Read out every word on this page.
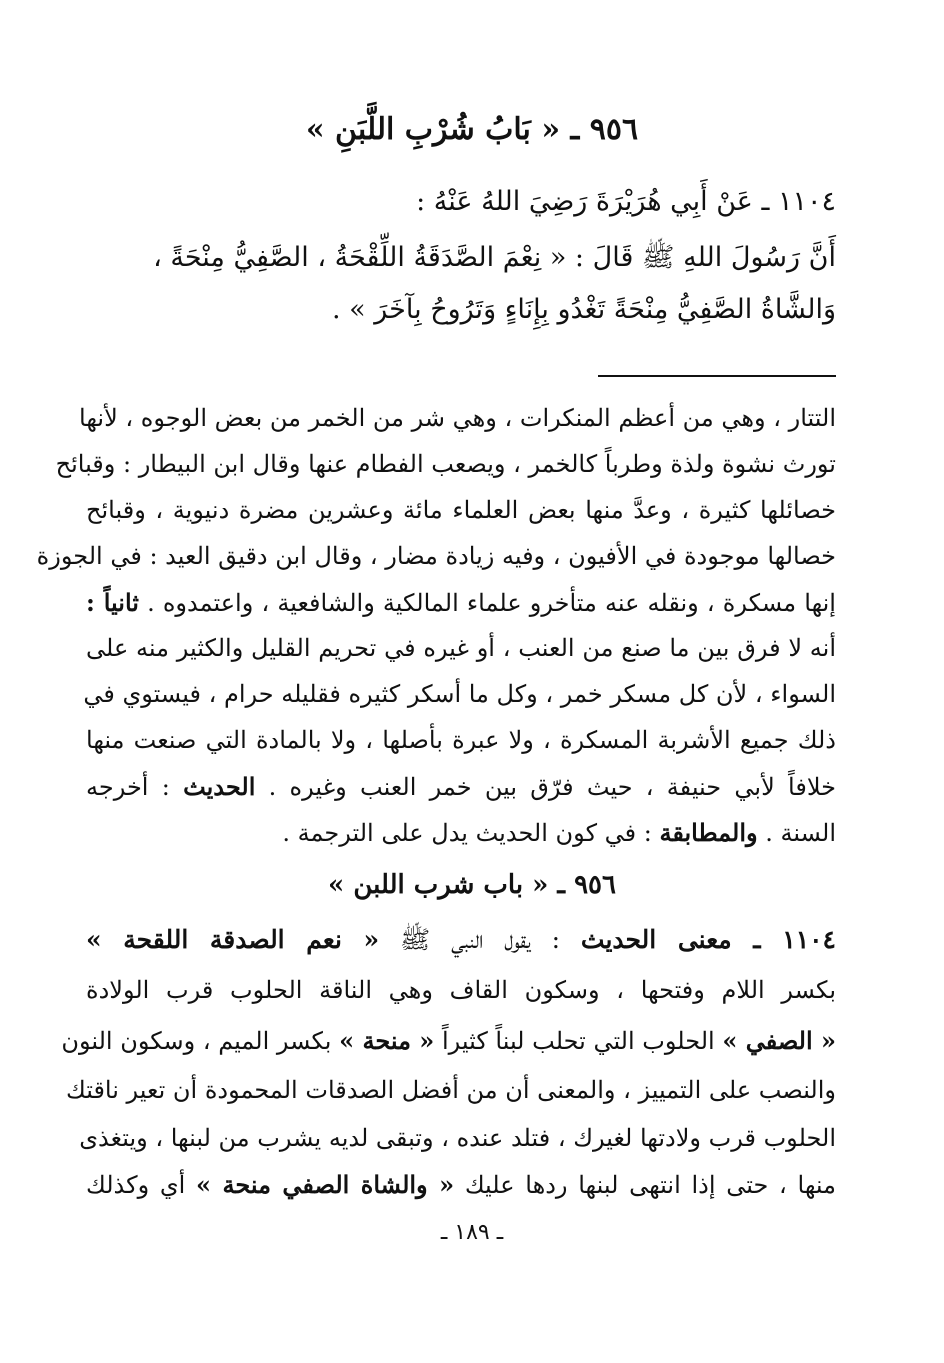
٩٥٦ ـ « بَابُ شُرْبِ اللَّبَنِ »
١١٠٤ ـ عَنْ أَبِي هُرَيْرَةَ رَضِيَ اللهُ عَنْهُ :
أَنَّ رَسُولَ اللهِ ﷺ قَالَ : « نِعْمَ الصَّدَقَةُ اللِّقْحَةُ ، الصَّفِيُّ مِنْحَةً ،
وَالشَّاةُ الصَّفِيُّ مِنْحَةً تَغْدُو بِإِنَاءٍ وَتَرُوحُ بِآخَرَ » .
التتار ، وهي من أعظم المنكرات ، وهي شر من الخمر من بعض الوجوه ، لأنها
تورث نشوة ولذة وطرباً كالخمر ، ويصعب الفطام عنها وقال ابن البيطار : وقبائح
خصائلها كثيرة ، وعدَّ منها بعض العلماء مائة وعشرين مضرة دنيوية ، وقبائح
خصالها موجودة في الأفيون ، وفيه زيادة مضار ، وقال ابن دقيق العيد : في الجوزة
إنها مسكرة ، ونقله عنه متأخرو علماء المالكية والشافعية ، واعتمدوه . ثانياً :
أنه لا فرق بين ما صنع من العنب ، أو غيره في تحريم القليل والكثير منه على
السواء ، لأن كل مسكر خمر ، وكل ما أسكر كثيره فقليله حرام ، فيستوي في
ذلك جميع الأشربة المسكرة ، ولا عبرة بأصلها ، ولا بالمادة التي صنعت منها
خلافاً لأبي حنيفة ، حيث فرّق بين خمر العنب وغيره . الحديث : أخرجه
السنة . والمطابقة : في كون الحديث يدل على الترجمة .
٩٥٦ ـ « باب شرب اللبن »
١١٠٤ ـ معنى الحديث : يقول النبي ﷺ « نعم الصدقة اللقحة »
بكسر اللام وفتحها ، وسكون القاف وهي الناقة الحلوب قرب الولادة
« الصفي » الحلوب التي تحلب لبناً كثيراً « منحة » بكسر الميم ، وسكون النون
والنصب على التمييز ، والمعنى أن من أفضل الصدقات المحمودة أن تعير ناقتك
الحلوب قرب ولادتها لغيرك ، فتلد عنده ، وتبقى لديه يشرب من لبنها ، ويتغذى
منها ، حتى إذا انتهى لبنها ردها عليك « والشاة الصفي منحة » أي وكذلك
ـ ١٨٩ ـ
